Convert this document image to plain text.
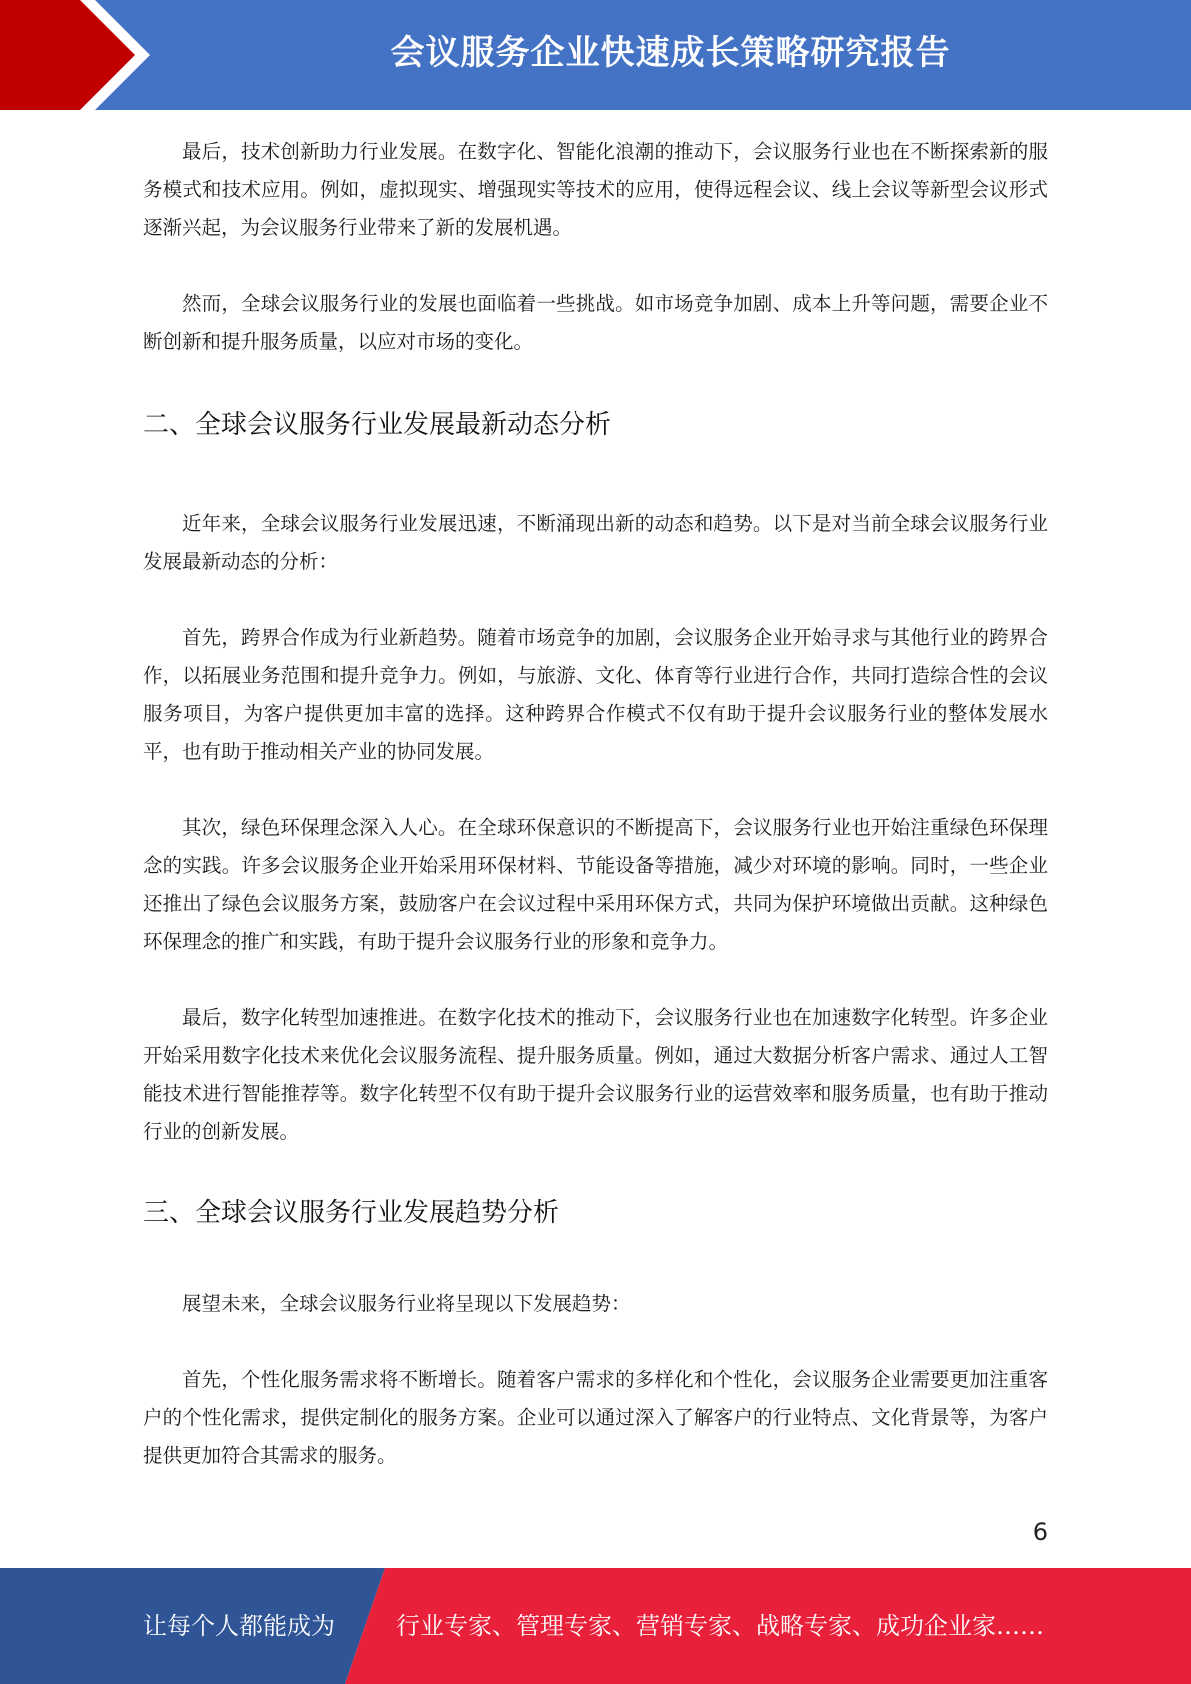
会议服务企业快速成长策略研究报告

最后，技术创新助力行业发展。在数字化、智能化浪潮的推动下，会议服务行业也在不断探索新的服务模式和技术应用。例如，虚拟现实、增强现实等技术的应用，使得远程会议、线上会议等新型会议形式逐渐兴起，为会议服务行业带来了新的发展机遇。

然而，全球会议服务行业的发展也面临着一些挑战。如市场竞争加剧、成本上升等问题，需要企业不断创新和提升服务质量，以应对市场的变化。

二、全球会议服务行业发展最新动态分析

近年来，全球会议服务行业发展迅速，不断涌现出新的动态和趋势。以下是对当前全球会议服务行业发展最新动态的分析：

首先，跨界合作成为行业新趋势。随着市场竞争的加剧，会议服务企业开始寻求与其他行业的跨界合作，以拓展业务范围和提升竞争力。例如，与旅游、文化、体育等行业进行合作，共同打造综合性的会议服务项目，为客户提供更加丰富的选择。这种跨界合作模式不仅有助于提升会议服务行业的整体发展水平，也有助于推动相关产业的协同发展。

其次，绿色环保理念深入人心。在全球环保意识的不断提高下，会议服务行业也开始注重绿色环保理念的实践。许多会议服务企业开始采用环保材料、节能设备等措施，减少对环境的影响。同时，一些企业还推出了绿色会议服务方案，鼓励客户在会议过程中采用环保方式，共同为保护环境做出贡献。这种绿色环保理念的推广和实践，有助于提升会议服务行业的形象和竞争力。

最后，数字化转型加速推进。在数字化技术的推动下，会议服务行业也在加速数字化转型。许多企业开始采用数字化技术来优化会议服务流程、提升服务质量。例如，通过大数据分析客户需求、通过人工智能技术进行智能推荐等。数字化转型不仅有助于提升会议服务行业的运营效率和服务质量，也有助于推动行业的创新发展。

三、全球会议服务行业发展趋势分析

展望未来，全球会议服务行业将呈现以下发展趋势：

首先，个性化服务需求将不断增长。随着客户需求的多样化和个性化，会议服务企业需要更加注重客户的个性化需求，提供定制化的服务方案。企业可以通过深入了解客户的行业特点、文化背景等，为客户提供更加符合其需求的服务。

6
让每个人都能成为	行业专家、管理专家、营销专家、战略专家、成功企业家……
